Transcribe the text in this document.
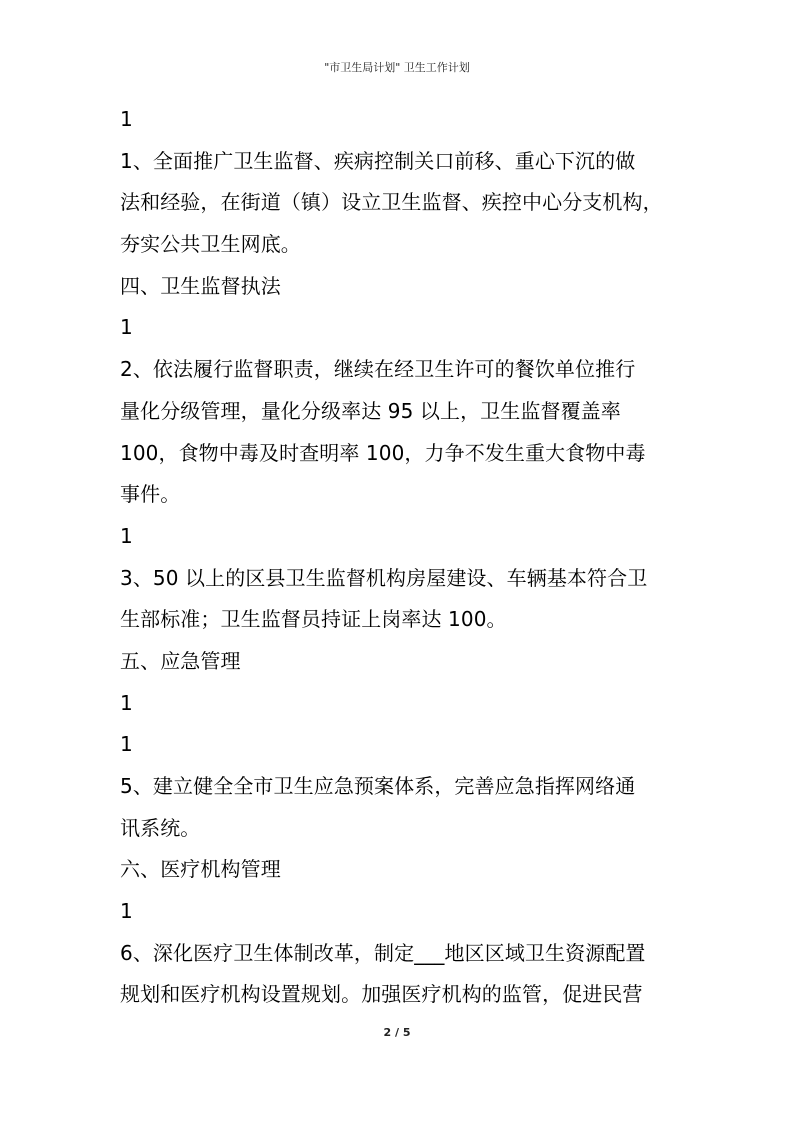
"市卫生局计划" 卫生工作计划
1
1、全面推广卫生监督、疾病控制关口前移、重心下沉的做
法和经验，在街道（镇）设立卫生监督、疾控中心分支机构，
夯实公共卫生网底。
四、卫生监督执法
1
2、依法履行监督职责，继续在经卫生许可的餐饮单位推行
量化分级管理，量化分级率达 95 以上，卫生监督覆盖率
100，食物中毒及时查明率 100，力争不发生重大食物中毒
事件。
1
3、50 以上的区县卫生监督机构房屋建设、车辆基本符合卫
生部标准；卫生监督员持证上岗率达 100。
五、应急管理
1
1
5、建立健全全市卫生应急预案体系，完善应急指挥网络通
讯系统。
六、医疗机构管理
1
6、深化医疗卫生体制改革，制定___地区区域卫生资源配置
规划和医疗机构设置规划。加强医疗机构的监管，促进民营
2 / 5
